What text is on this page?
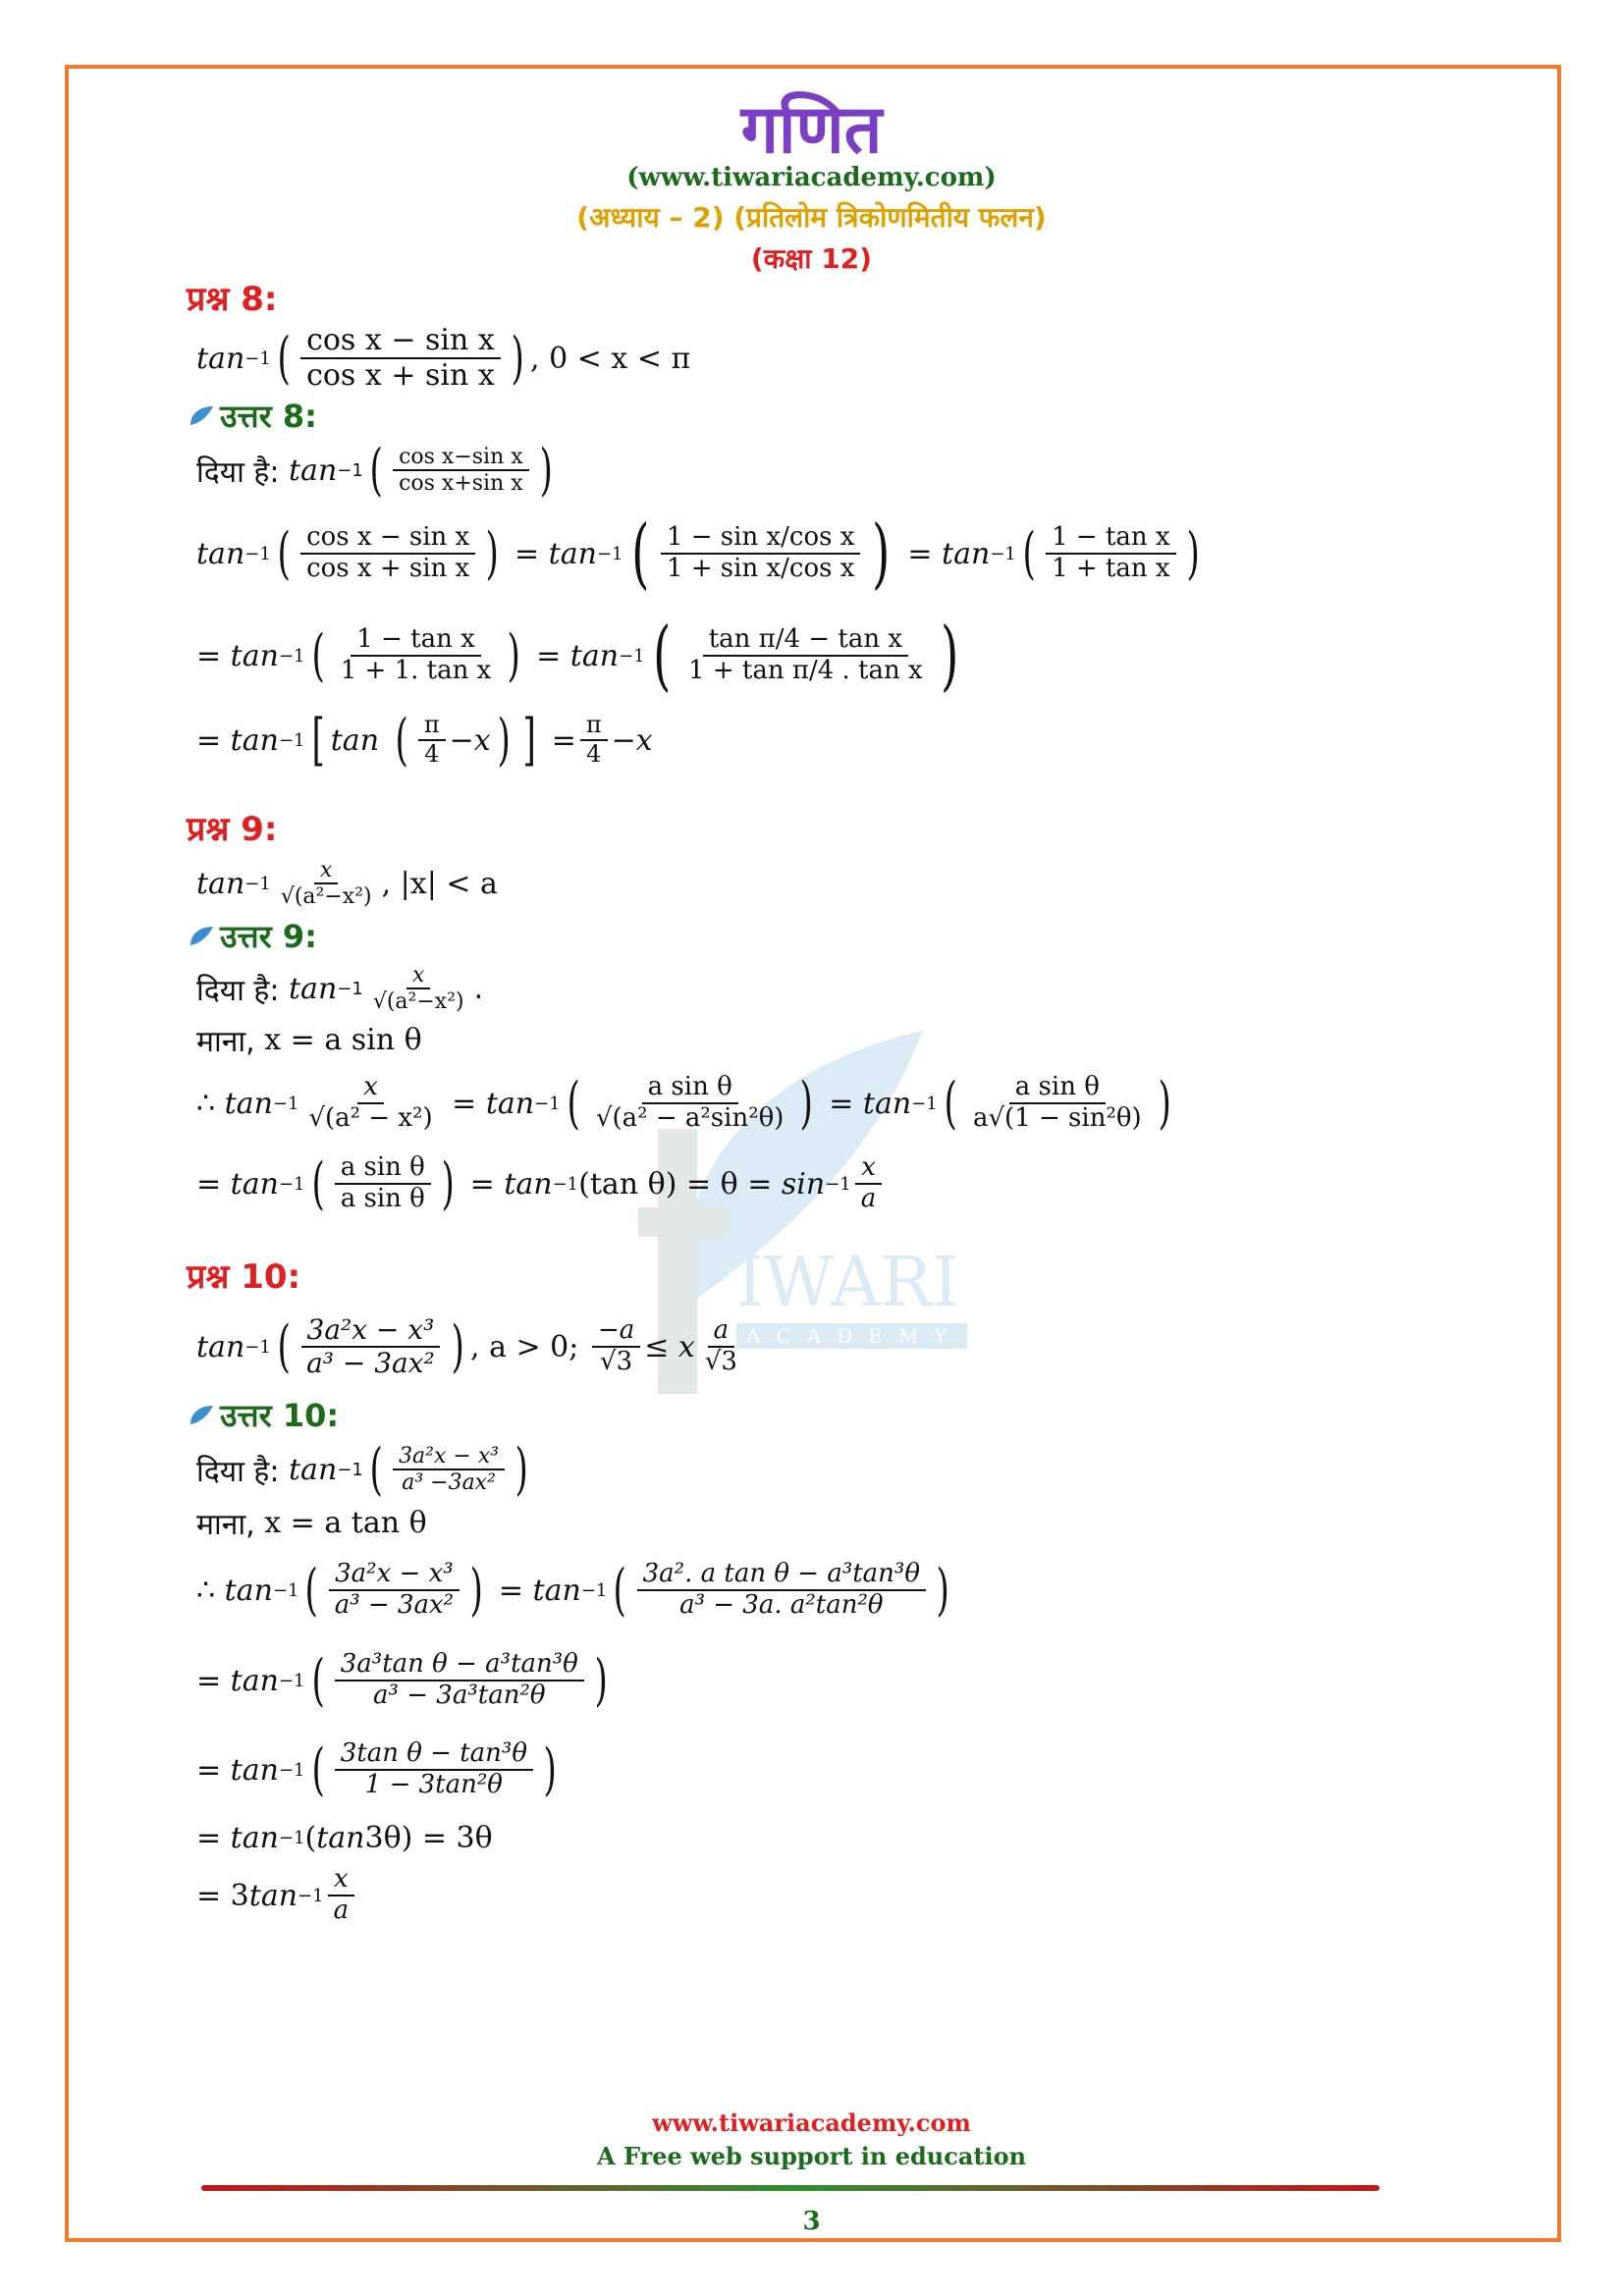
गणित
(www.tiwariacademy.com)
(अध्याय – 2) (प्रतिलोम त्रिकोणमितीय फलन)
(कक्षा 12)
IWARI
ACADEMY
प्रश्न 8:
tan −1 ( $\frac{\text{cos x − sin x}}{\text{cos x + sin x}}$ ) , 0 < x < π
उत्तर 8:
दिया है:
tan −1 ( $\frac{\text{cos x−sin x}}{\text{cos x+sin x}}$ )
tan −1 ( $\frac{\text{cos x − sin x}}{\text{cos x + sin x}}$ ) = tan −1 ( $\frac{\text{1 − sin x/cos x}}{\text{1 + sin x/cos x}}$ ) = tan −1 ( $\frac{\text{1 − tan x}}{\text{1 + tan x}}$ )
= tan −1 ( $\frac{\text{1 − tan x}}{\text{1 + 1. tan x}}$ ) = tan −1 ( $\frac{\text{tan π/4 − tan x}}{\text{1 + tan π/4 . tan x}}$ )
= tan −1 [ tan
( $\frac{\pi}{4} - x$ ) ] = $\frac{\pi}{4} - x$
प्रश्न 9:
$\tan -1 \frac{x}{\text{√(a²−x²)}}$ , |x| < a
उत्तर 9:
दिया है:
$\tan -1 \frac{x}{\text{√(a²−x²)}}$ .
माना,
x = a sin θ
∴ $\tan -1 \frac{x}{\text{√(a² − x²)}} = \tan -1$ ( $\frac{\text{a sin θ}}{\text{√(a² − a²sin²θ)}}$ ) = tan −1 ( $\frac{\text{a sin θ}}{\text{a√(1 − sin²θ)}}$ )
= tan −1 ( $\frac{\text{a sin θ}}{\text{a sin θ}}$ ) = tan −1 (tan $\theta) = \theta = \sin -1 \frac{x}{a}$
प्रश्न 10:
tan −1 ( $\frac{\text{3a²x − x³}}{\text{a³ − 3ax²}}$ ) , a > 0;
$\frac{-a}{√3} \le x \frac{a}{√3}$
उत्तर 10:
दिया है:
tan −1 ( $\frac{\text{3a²x − x³}}{\text{a³ −3ax²}}$ )
माना,
x = a tan θ
∴ tan −1 ( $\frac{\text{3a²x − x³}}{\text{a³ − 3ax²}}$ ) = tan −1 ( $\frac{\text{3a². a tan θ − a³tan³θ}}{\text{a³ − 3a. a²tan²θ}}$ )
= tan −1 ( $\frac{\text{3a³tan θ − a³tan³θ}}{\text{a³ − 3a³tan²θ}}$ )
= tan −1 ( $\frac{\text{3tan θ − tan³θ}}{\text{1 − 3tan²θ}}$ )
= tan −1 ( tan 3θ) = 3θ
= 3 $\tan -1 \frac{x}{a}$
www.tiwariacademy.com
A Free web support in education
3
